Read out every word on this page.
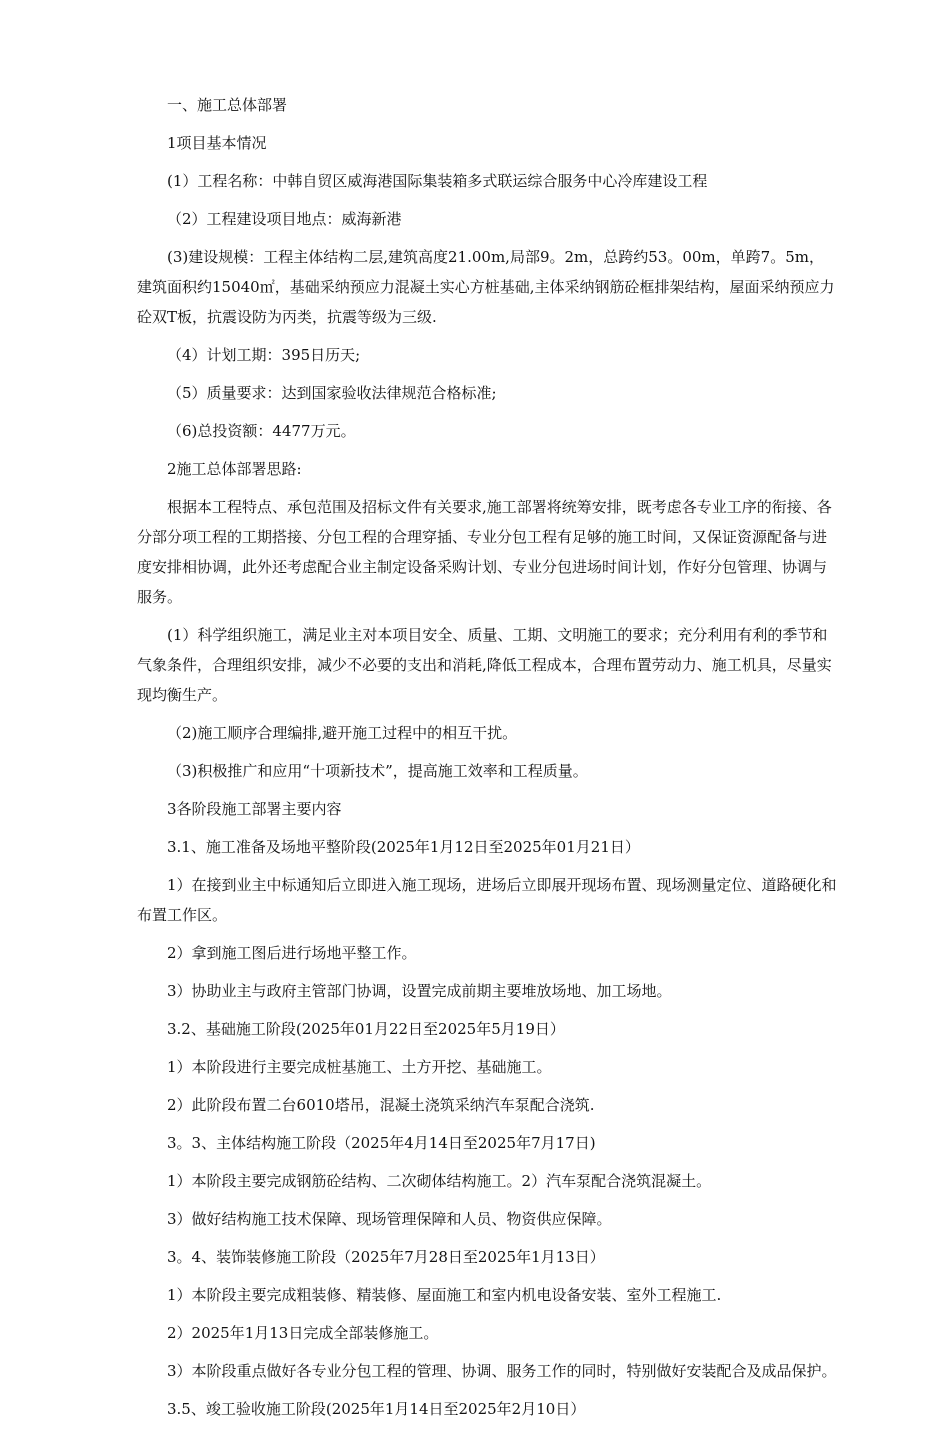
一、施工总体部署

1项目基本情况

(1）工程名称：中韩自贸区威海港国际集装箱多式联运综合服务中心冷库建设工程

（2）工程建设项目地点：威海新港

(3)建设规模：工程主体结构二层,建筑高度21.00m,局部9。2m，总跨约53。00m，单跨7。5m，建筑面积约15040㎡，基础采纳预应力混凝土实心方桩基础,主体采纳钢筋砼框排架结构，屋面采纳预应力砼双T板，抗震设防为丙类，抗震等级为三级.

（4）计划工期：395日历天;

（5）质量要求：达到国家验收法律规范合格标准;

（6)总投资额：4477万元。

2施工总体部署思路:

根据本工程特点、承包范围及招标文件有关要求,施工部署将统筹安排，既考虑各专业工序的衔接、各分部分项工程的工期搭接、分包工程的合理穿插、专业分包工程有足够的施工时间，又保证资源配备与进度安排相协调，此外还考虑配合业主制定设备采购计划、专业分包进场时间计划，作好分包管理、协调与服务。

(1）科学组织施工，满足业主对本项目安全、质量、工期、文明施工的要求；充分利用有利的季节和气象条件，合理组织安排，减少不必要的支出和消耗,降低工程成本，合理布置劳动力、施工机具，尽量实现均衡生产。

（2)施工顺序合理编排,避开施工过程中的相互干扰。

（3)积极推广和应用“十项新技术”，提高施工效率和工程质量。

3各阶段施工部署主要内容

3.1、施工准备及场地平整阶段(2025年1月12日至2025年01月21日）

1）在接到业主中标通知后立即进入施工现场，进场后立即展开现场布置、现场测量定位、道路硬化和布置工作区。

2）拿到施工图后进行场地平整工作。

3）协助业主与政府主管部门协调，设置完成前期主要堆放场地、加工场地。

3.2、基础施工阶段(2025年01月22日至2025年5月19日）

1）本阶段进行主要完成桩基施工、土方开挖、基础施工。

2）此阶段布置二台6010塔吊，混凝土浇筑采纳汽车泵配合浇筑.

3。3、主体结构施工阶段（2025年4月14日至2025年7月17日)

1）本阶段主要完成钢筋砼结构、二次砌体结构施工。2）汽车泵配合浇筑混凝土。

3）做好结构施工技术保障、现场管理保障和人员、物资供应保障。

3。4、装饰装修施工阶段（2025年7月28日至2025年1月13日）

1）本阶段主要完成粗装修、精装修、屋面施工和室内机电设备安装、室外工程施工.

2）2025年1月13日完成全部装修施工。

3）本阶段重点做好各专业分包工程的管理、协调、服务工作的同时，特别做好安装配合及成品保护。

3.5、竣工验收施工阶段(2025年1月14日至2025年2月10日）
